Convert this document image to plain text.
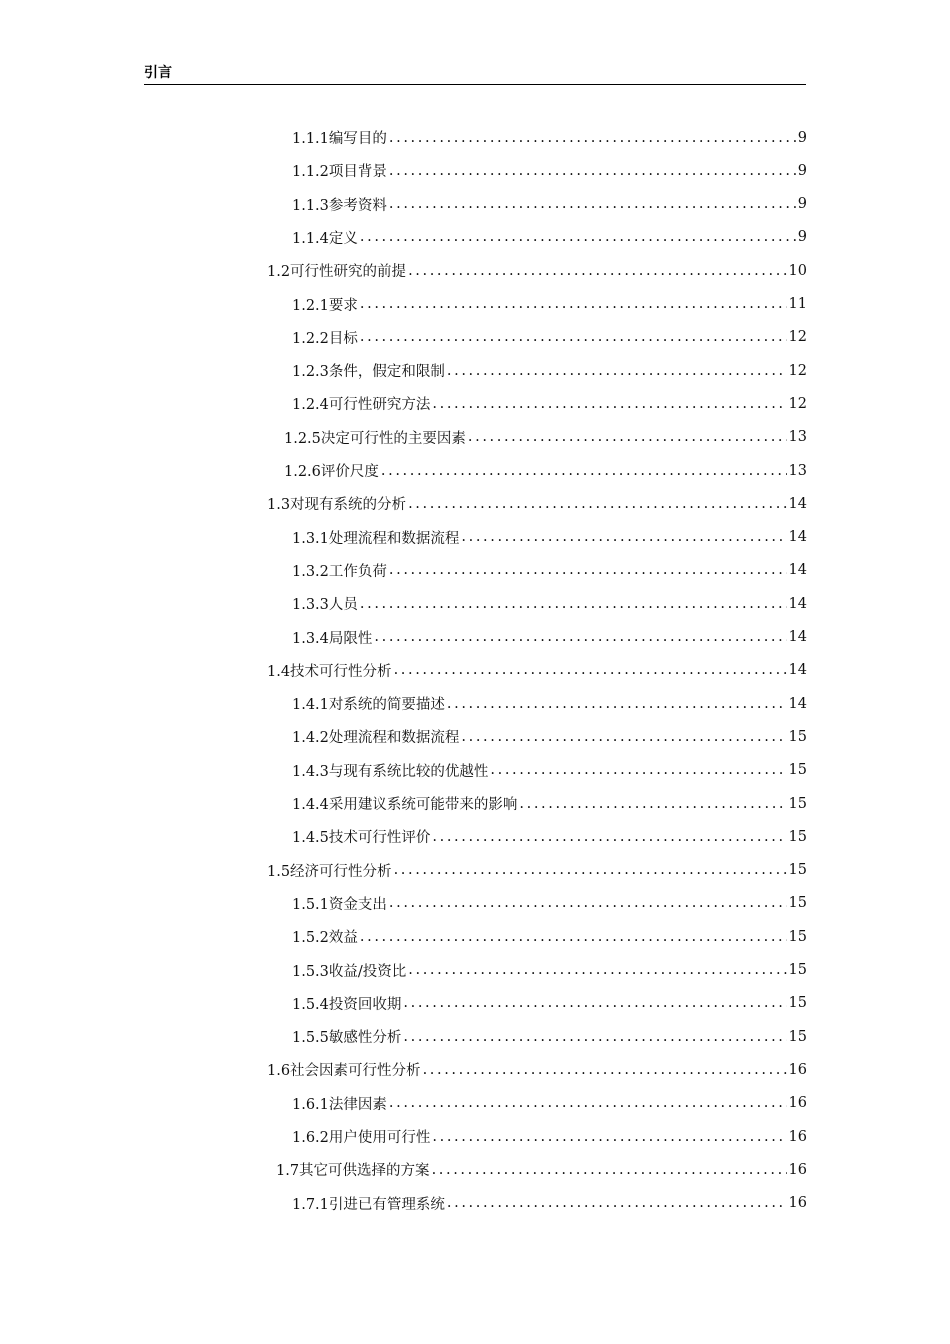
引言
1.1.1编写目的 .....	9
1.1.2项目背景 .....	9
1.1.3参考资料 .....	9
1.1.4定义 .....	9
1.2可行性研究的前提 .....	10
1.2.1要求 .....	11
1.2.2目标 .....	12
1.2.3条件，假定和限制 .....	12
1.2.4可行性研究方法 .....	12
1.2.5决定可行性的主要因素 .....	13
1.2.6评价尺度 .....	13
1.3对现有系统的分析 .....	14
1.3.1处理流程和数据流程 .....	14
1.3.2工作负荷 .....	14
1.3.3人员 .....	14
1.3.4局限性 .....	14
1.4技术可行性分析 .....	14
1.4.1对系统的简要描述 .....	14
1.4.2处理流程和数据流程 .....	15
1.4.3与现有系统比较的优越性 .....	15
1.4.4采用建议系统可能带来的影响 .....	15
1.4.5技术可行性评价 .....	15
1.5经济可行性分析 .....	15
1.5.1资金支出 .....	15
1.5.2效益 .....	15
1.5.3收益/投资比 .....	15
1.5.4投资回收期 .....	15
1.5.5敏感性分析 .....	15
1.6社会因素可行性分析 .....	16
1.6.1法律因素 .....	16
1.6.2用户使用可行性 .....	16
1.7其它可供选择的方案 .....	16
1.7.1引进已有管理系统 .....	16
